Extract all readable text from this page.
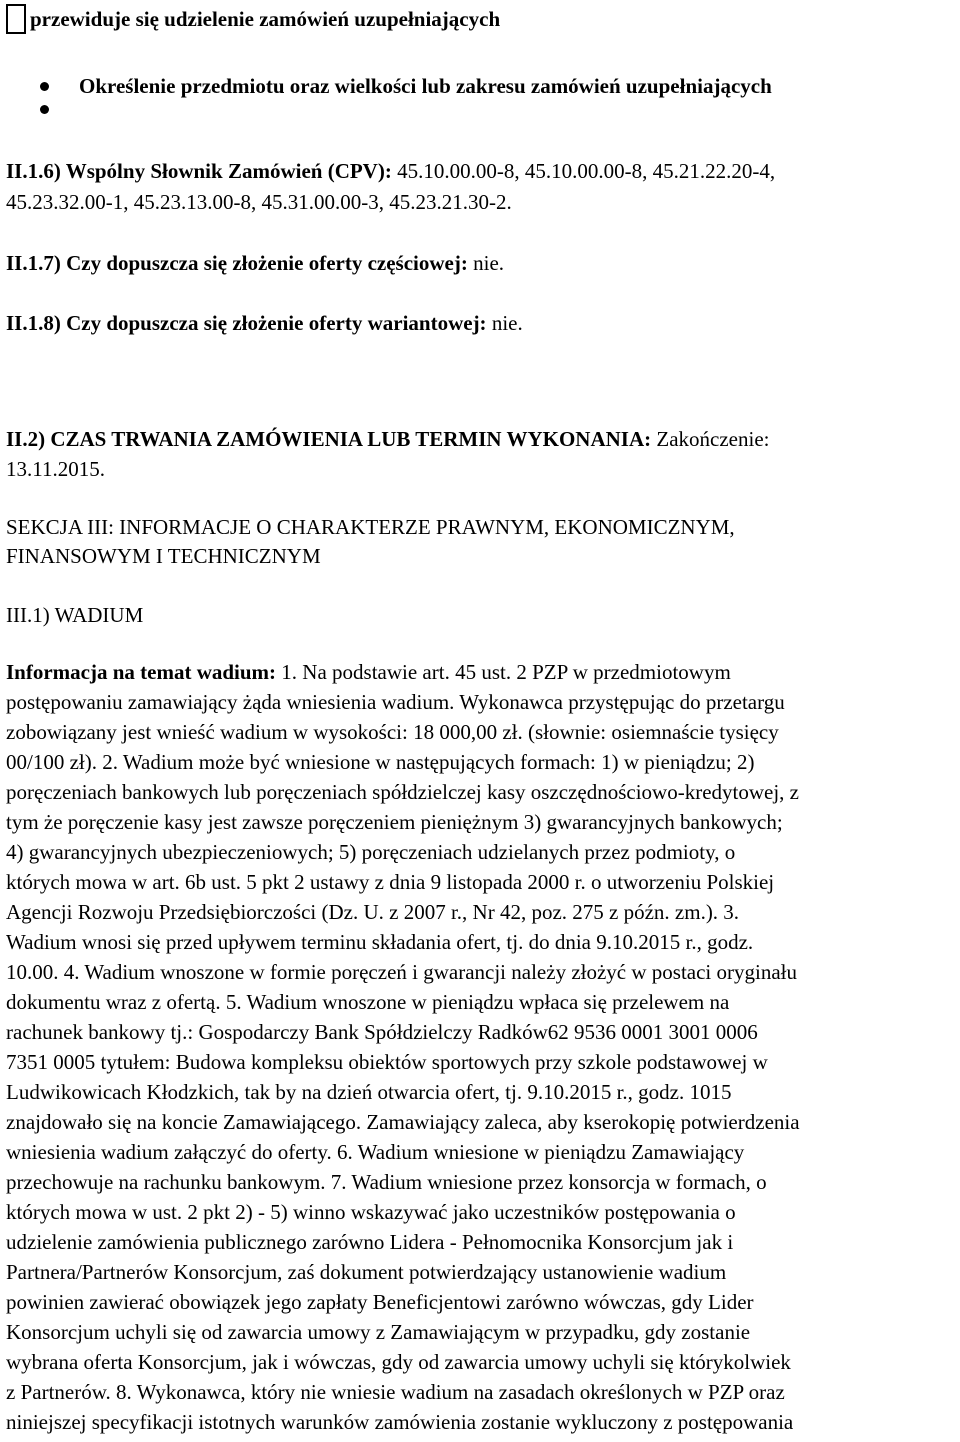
przewiduje się udzielenie zamówień uzupełniających
Określenie przedmiotu oraz wielkości lub zakresu zamówień uzupełniających
II.1.6) Wspólny Słownik Zamówień (CPV): 45.10.00.00-8, 45.10.00.00-8, 45.21.22.20-4,
45.23.32.00-1, 45.23.13.00-8, 45.31.00.00-3, 45.23.21.30-2.
II.1.7) Czy dopuszcza się złożenie oferty częściowej: nie.
II.1.8) Czy dopuszcza się złożenie oferty wariantowej: nie.
II.2) CZAS TRWANIA ZAMÓWIENIA LUB TERMIN WYKONANIA: Zakończenie:
13.11.2015.
SEKCJA III: INFORMACJE O CHARAKTERZE PRAWNYM, EKONOMICZNYM,
FINANSOWYM I TECHNICZNYM
III.1) WADIUM
Informacja na temat wadium: 1. Na podstawie art. 45 ust. 2 PZP w przedmiotowym
postępowaniu zamawiający żąda wniesienia wadium. Wykonawca przystępując do przetargu
zobowiązany jest wnieść wadium w wysokości: 18 000,00 zł. (słownie: osiemnaście tysięcy
00/100 zł). 2. Wadium może być wniesione w następujących formach: 1) w pieniądzu; 2)
poręczeniach bankowych lub poręczeniach spółdzielczej kasy oszczędnościowo-kredytowej, z
tym że poręczenie kasy jest zawsze poręczeniem pieniężnym 3) gwarancyjnych bankowych;
4) gwarancyjnych ubezpieczeniowych; 5) poręczeniach udzielanych przez podmioty, o
których mowa w art. 6b ust. 5 pkt 2 ustawy z dnia 9 listopada 2000 r. o utworzeniu Polskiej
Agencji Rozwoju Przedsiębiorczości (Dz. U. z 2007 r., Nr 42, poz. 275 z późn. zm.). 3.
Wadium wnosi się przed upływem terminu składania ofert, tj. do dnia 9.10.2015 r., godz.
10.00. 4. Wadium wnoszone w formie poręczeń i gwarancji należy złożyć w postaci oryginału
dokumentu wraz z ofertą. 5. Wadium wnoszone w pieniądzu wpłaca się przelewem na
rachunek bankowy tj.: Gospodarczy Bank Spółdzielczy Radków62 9536 0001 3001 0006
7351 0005 tytułem: Budowa kompleksu obiektów sportowych przy szkole podstawowej w
Ludwikowicach Kłodzkich, tak by na dzień otwarcia ofert, tj. 9.10.2015 r., godz. 1015
znajdowało się na koncie Zamawiającego. Zamawiający zaleca, aby kserokopię potwierdzenia
wniesienia wadium załączyć do oferty. 6. Wadium wniesione w pieniądzu Zamawiający
przechowuje na rachunku bankowym. 7. Wadium wniesione przez konsorcja w formach, o
których mowa w ust. 2 pkt 2) - 5) winno wskazywać jako uczestników postępowania o
udzielenie zamówienia publicznego zarówno Lidera - Pełnomocnika Konsorcjum jak i
Partnera/Partnerów Konsorcjum, zaś dokument potwierdzający ustanowienie wadium
powinien zawierać obowiązek jego zapłaty Beneficjentowi zarówno wówczas, gdy Lider
Konsorcjum uchyli się od zawarcia umowy z Zamawiającym w przypadku, gdy zostanie
wybrana oferta Konsorcjum, jak i wówczas, gdy od zawarcia umowy uchyli się którykolwiek
z Partnerów. 8. Wykonawca, który nie wniesie wadium na zasadach określonych w PZP oraz
niniejszej specyfikacji istotnych warunków zamówienia zostanie wykluczony z postępowania
